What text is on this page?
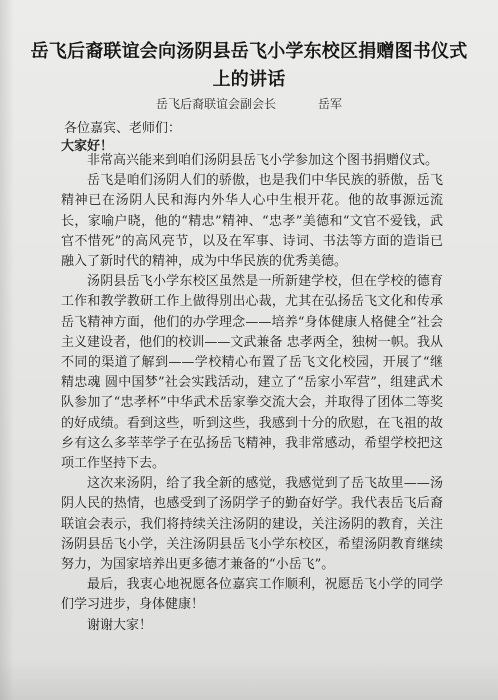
岳飞后裔联谊会向汤阴县岳飞小学东校区捐赠图书仪式
上的讲话
岳飞后裔联谊会副会长	岳军
各位嘉宾、老师们：
大家好！

非常高兴能来到咱们汤阴县岳飞小学参加这个图书捐赠仪式。

岳飞是咱们汤阴人们的骄傲，也是我们中华民族的骄傲，岳飞精神已在汤阴人民和海内外华人心中生根开花。他的故事源远流长，家喻户晓，他的“精忠”精神、“忠孝”美德和“文官不爱钱，武官不惜死”的高风亮节，以及在军事、诗词、书法等方面的造诣已融入了新时代的精神，成为中华民族的优秀美德。

汤阴县岳飞小学东校区虽然是一所新建学校，但在学校的德育工作和教学教研工作上做得別出心裁，尤其在弘扬岳飞文化和传承岳飞精神方面，他们的办学理念——培养“身体健康人格健全”社会主义建设者，他们的校训——文武兼备 忠孝两全，独树一帜。我从不同的渠道了解到——学校精心布置了岳飞文化校园，开展了“继精忠魂 圆中国梦”社会实践活动，建立了“岳家小军营”，组建武术队参加了“忠孝杯”中华武术岳家拳交流大会，并取得了团体二等奖的好成绩。看到这些，听到这些，我感到十分的欣慰，在飞祖的故乡有这么多莘莘学子在弘扬岳飞精神，我非常感动，希望学校把这项工作坚持下去。

这次来汤阴，给了我全新的感觉，我感觉到了岳飞故里——汤阴人民的热情，也感受到了汤阴学子的勤奋好学。我代表岳飞后裔联谊会表示，我们将持续关注汤阴的建设，关注汤阴的教育，关注汤阴县岳飞小学，关注汤阴县岳飞小学东校区，希望汤阴教育继续努力，为国家培养出更多德才兼备的“小岳飞”。

最后，我衷心地祝愿各位嘉宾工作顺利，祝愿岳飞小学的同学们学习进步，身体健康！

谢谢大家！
